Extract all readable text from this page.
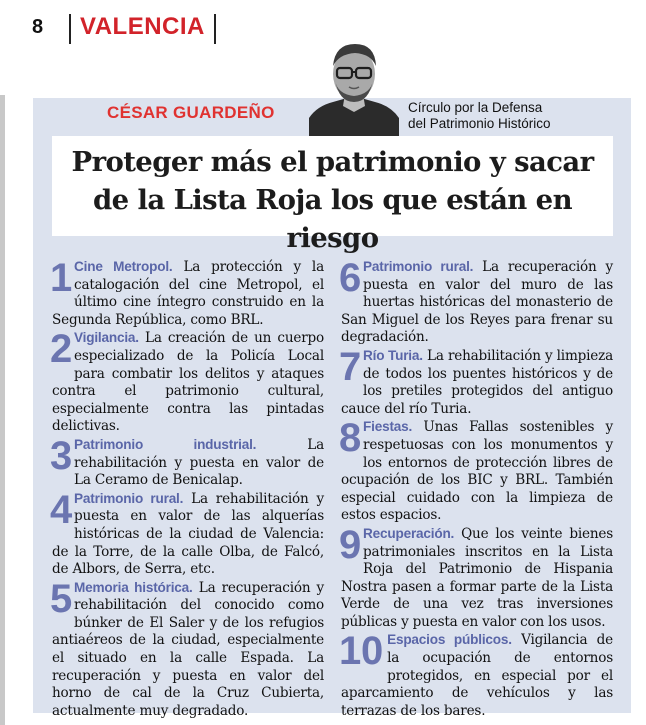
8 VALENCIA
CÉSAR GUARDEÑO	Círculo por la Defensa
del Patrimonio Histórico
Proteger más el patrimonio y sacar
de la Lista Roja los que están en riesgo
1 Cine Metropol. La protección y la catalogación del cine Metropol, el último cine íntegro construido en la Segunda República, como BRL.
2 Vigilancia. La creación de un cuerpo especializado de la Policía Local para combatir los delitos y ataques contra el patrimonio cultural, especialmente contra las pintadas delictivas.
3 Patrimonio industrial. La rehabilitación y puesta en valor de La Ceramo de Benicalap.
4 Patrimonio rural. La rehabilitación y puesta en valor de las alquerías históricas de la ciudad de Valencia: de la Torre, de la calle Olba, de Falcó, de Albors, de Serra, etc.
5 Memoria histórica. La recuperación y rehabilitación del conocido como búnker de El Saler y de los refugios antiaéreos de la ciudad, especialmente el situado en la calle Espada. La recuperación y puesta en valor del horno de cal de la Cruz Cubierta, actualmente muy degradado.
6 Patrimonio rural. La recuperación y puesta en valor del muro de las huertas históricas del monasterio de San Miguel de los Reyes para frenar su degradación.
7 Río Turia. La rehabilitación y limpieza de todos los puentes históricos y de los pretiles protegidos del antiguo cauce del río Turia.
8 Fiestas. Unas Fallas sostenibles y respetuosas con los monumentos y los entornos de protección libres de ocupación de los BIC y BRL. También especial cuidado con la limpieza de estos espacios.
9 Recuperación. Que los veinte bienes patrimoniales inscritos en la Lista Roja del Patrimonio de Hispania Nostra pasen a formar parte de la Lista Verde de una vez tras inversiones públicas y puesta en valor con los usos.
10 Espacios públicos. Vigilancia de la ocupación de entornos protegidos, en especial por el aparcamiento de vehículos y las terrazas de los bares.
